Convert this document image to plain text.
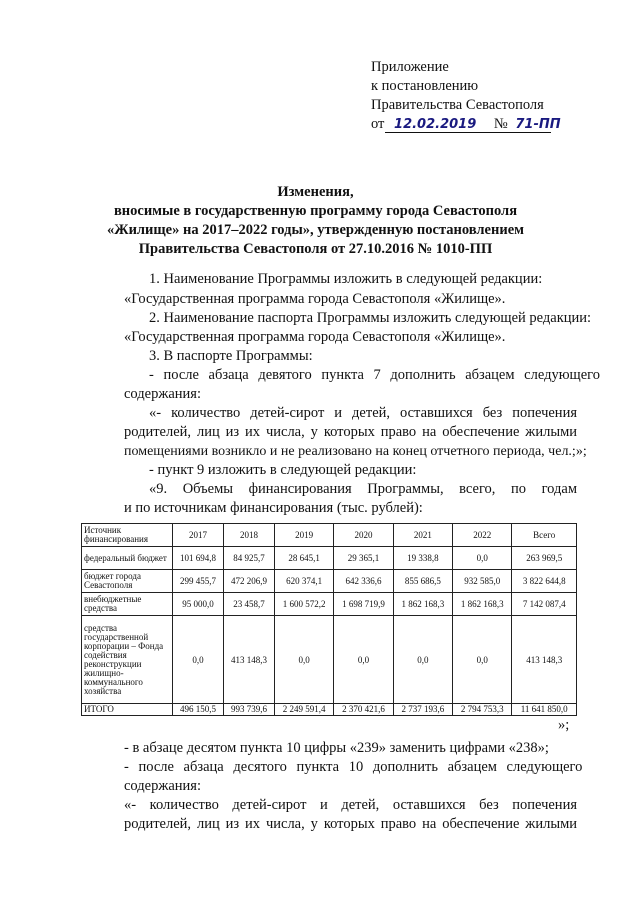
Приложение
к постановлению
Правительства Севастополя
от 12.02.2019 № 71-ПП
Изменения,
вносимые в государственную программу города Севастополя
«Жилище» на 2017–2022 годы», утвержденную постановлением
Правительства Севастополя от 27.10.2016 № 1010-ПП
1. Наименование Программы изложить в следующей редакции:
«Государственная программа города Севастополя «Жилище».
2. Наименование паспорта Программы изложить следующей редакции:
«Государственная программа города Севастополя «Жилище».
3. В паспорте Программы:
- после абзаца девятого пункта 7 дополнить абзацем следующего
содержания:
«- количество детей-сирот и детей, оставшихся без попечения
родителей, лиц из их числа, у которых право на обеспечение жилыми
помещениями возникло и не реализовано на конец отчетного периода, чел.;»;
- пункт 9 изложить в следующей редакции:
«9. Объемы финансирования Программы, всего, по годам
и по источникам финансирования (тыс. рублей):
Источник финансирования	2017	2018	2019	2020	2021	2022	Всего
федеральный бюджет	101 694,8	84 925,7	28 645,1	29 365,1	19 338,8	0,0	263 969,5
бюджет города Севастополя	299 455,7	472 206,9	620 374,1	642 336,6	855 686,5	932 585,0	3 822 644,8
внебюджетные средства	95 000,0	23 458,7	1 600 572,2	1 698 719,9	1 862 168,3	1 862 168,3	7 142 087,4
средства государственной корпорации – Фонда содействия реконструкции жилищно-коммунального хозяйства	0,0	413 148,3	0,0	0,0	0,0	0,0	413 148,3
ИТОГО	496 150,5	993 739,6	2 249 591,4	2 370 421,6	2 737 193,6	2 794 753,3	11 641 850,0
»;
- в абзаце десятом пункта 10 цифры «239» заменить цифрами «238»;
- после абзаца десятого пункта 10 дополнить абзацем следующего
содержания:
«- количество детей-сирот и детей, оставшихся без попечения
родителей, лиц из их числа, у которых право на обеспечение жилыми
